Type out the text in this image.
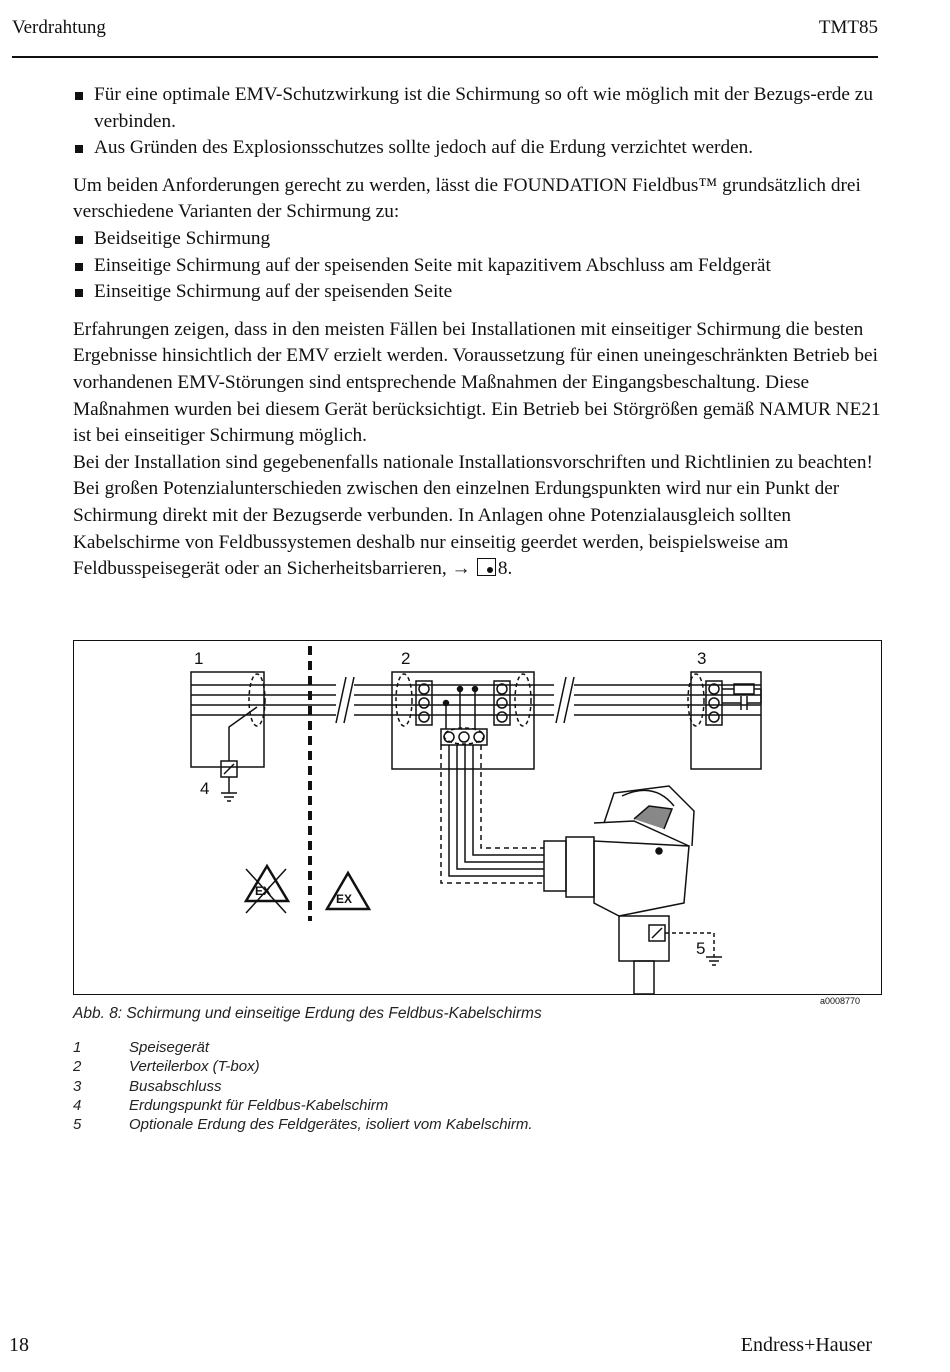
Verdrahtung	TMT85
Für eine optimale EMV-Schutzwirkung ist die Schirmung so oft wie möglich mit der Bezugs-erde zu verbinden.
Aus Gründen des Explosionsschutzes sollte jedoch auf die Erdung verzichtet werden.

Um beiden Anforderungen gerecht zu werden, lässt die FOUNDATION Fieldbus™ grundsätzlich drei verschiedene Varianten der Schirmung zu:

Beidseitige Schirmung
Einseitige Schirmung auf der speisenden Seite mit kapazitivem Abschluss am Feldgerät
Einseitige Schirmung auf der speisenden Seite

Erfahrungen zeigen, dass in den meisten Fällen bei Installationen mit einseitiger Schirmung die besten Ergebnisse hinsichtlich der EMV erzielt werden. Voraussetzung für einen uneingeschränkten Betrieb bei vorhandenen EMV-Störungen sind entsprechende Maßnahmen der Eingangsbeschaltung. Diese Maßnahmen wurden bei diesem Gerät berücksichtigt. Ein Betrieb bei Störgrößen gemäß NAMUR NE21 ist bei einseitiger Schirmung möglich.

Bei der Installation sind gegebenenfalls nationale Installationsvorschriften und Richtlinien zu beachten!

Bei großen Potenzialunterschieden zwischen den einzelnen Erdungspunkten wird nur ein Punkt der Schirmung direkt mit der Bezugserde verbunden. In Anlagen ohne Potenzialausgleich sollten Kabelschirme von Feldbussystemen deshalb nur einseitig geerdet werden, beispielsweise am Feldbusspeisegerät oder an Sicherheitsbarrieren, → 8.

1	2	3
4
5
EX
EX
a0008770
Abb. 8: Schirmung und einseitige Erdung des Feldbus-Kabelschirms
1	Speisegerät
2	Verteilerbox (T-box)
3	Busabschluss
4	Erdungspunkt für Feldbus-Kabelschirm
5	Optionale Erdung des Feldgerätes, isoliert vom Kabelschirm.
18	Endress+Hauser
